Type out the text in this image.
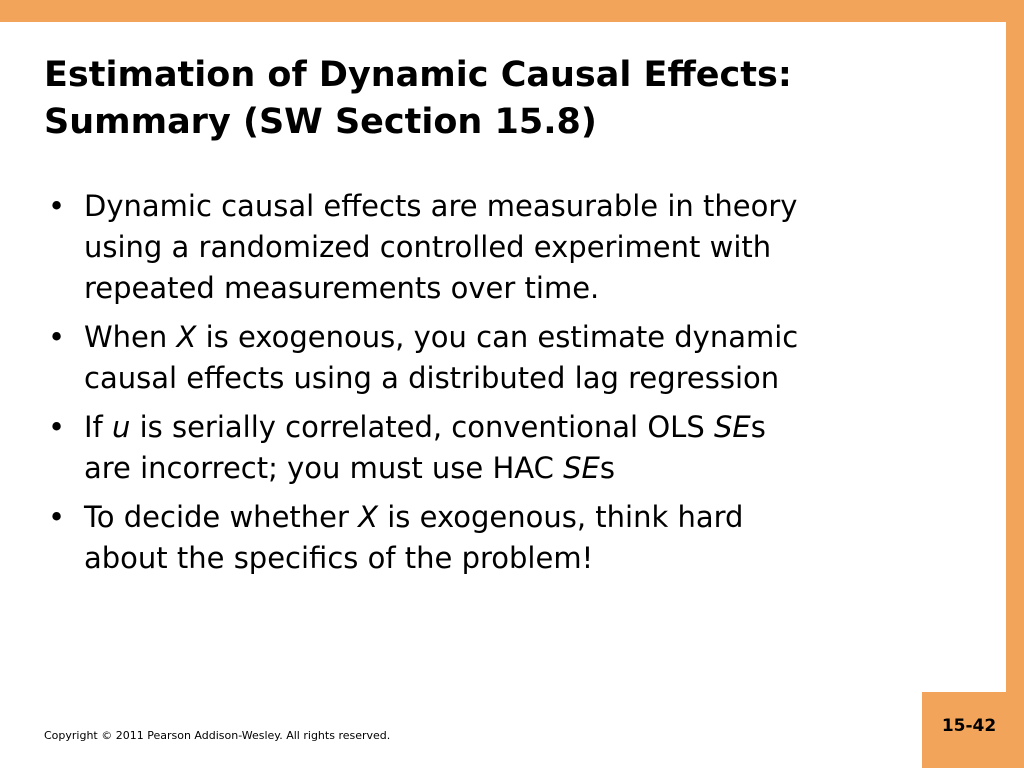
Estimation of Dynamic Causal Effects:
Summary (SW Section 15.8)
• Dynamic causal effects are measurable in theory
using a randomized controlled experiment with
repeated measurements over time.
• When X is exogenous, you can estimate dynamic
causal effects using a distributed lag regression
• If u is serially correlated, conventional OLS SEs
are incorrect; you must use HAC SEs
• To decide whether X is exogenous, think hard
about the specifics of the problem!
Copyright © 2011 Pearson Addison-Wesley. All rights reserved.	15-42
